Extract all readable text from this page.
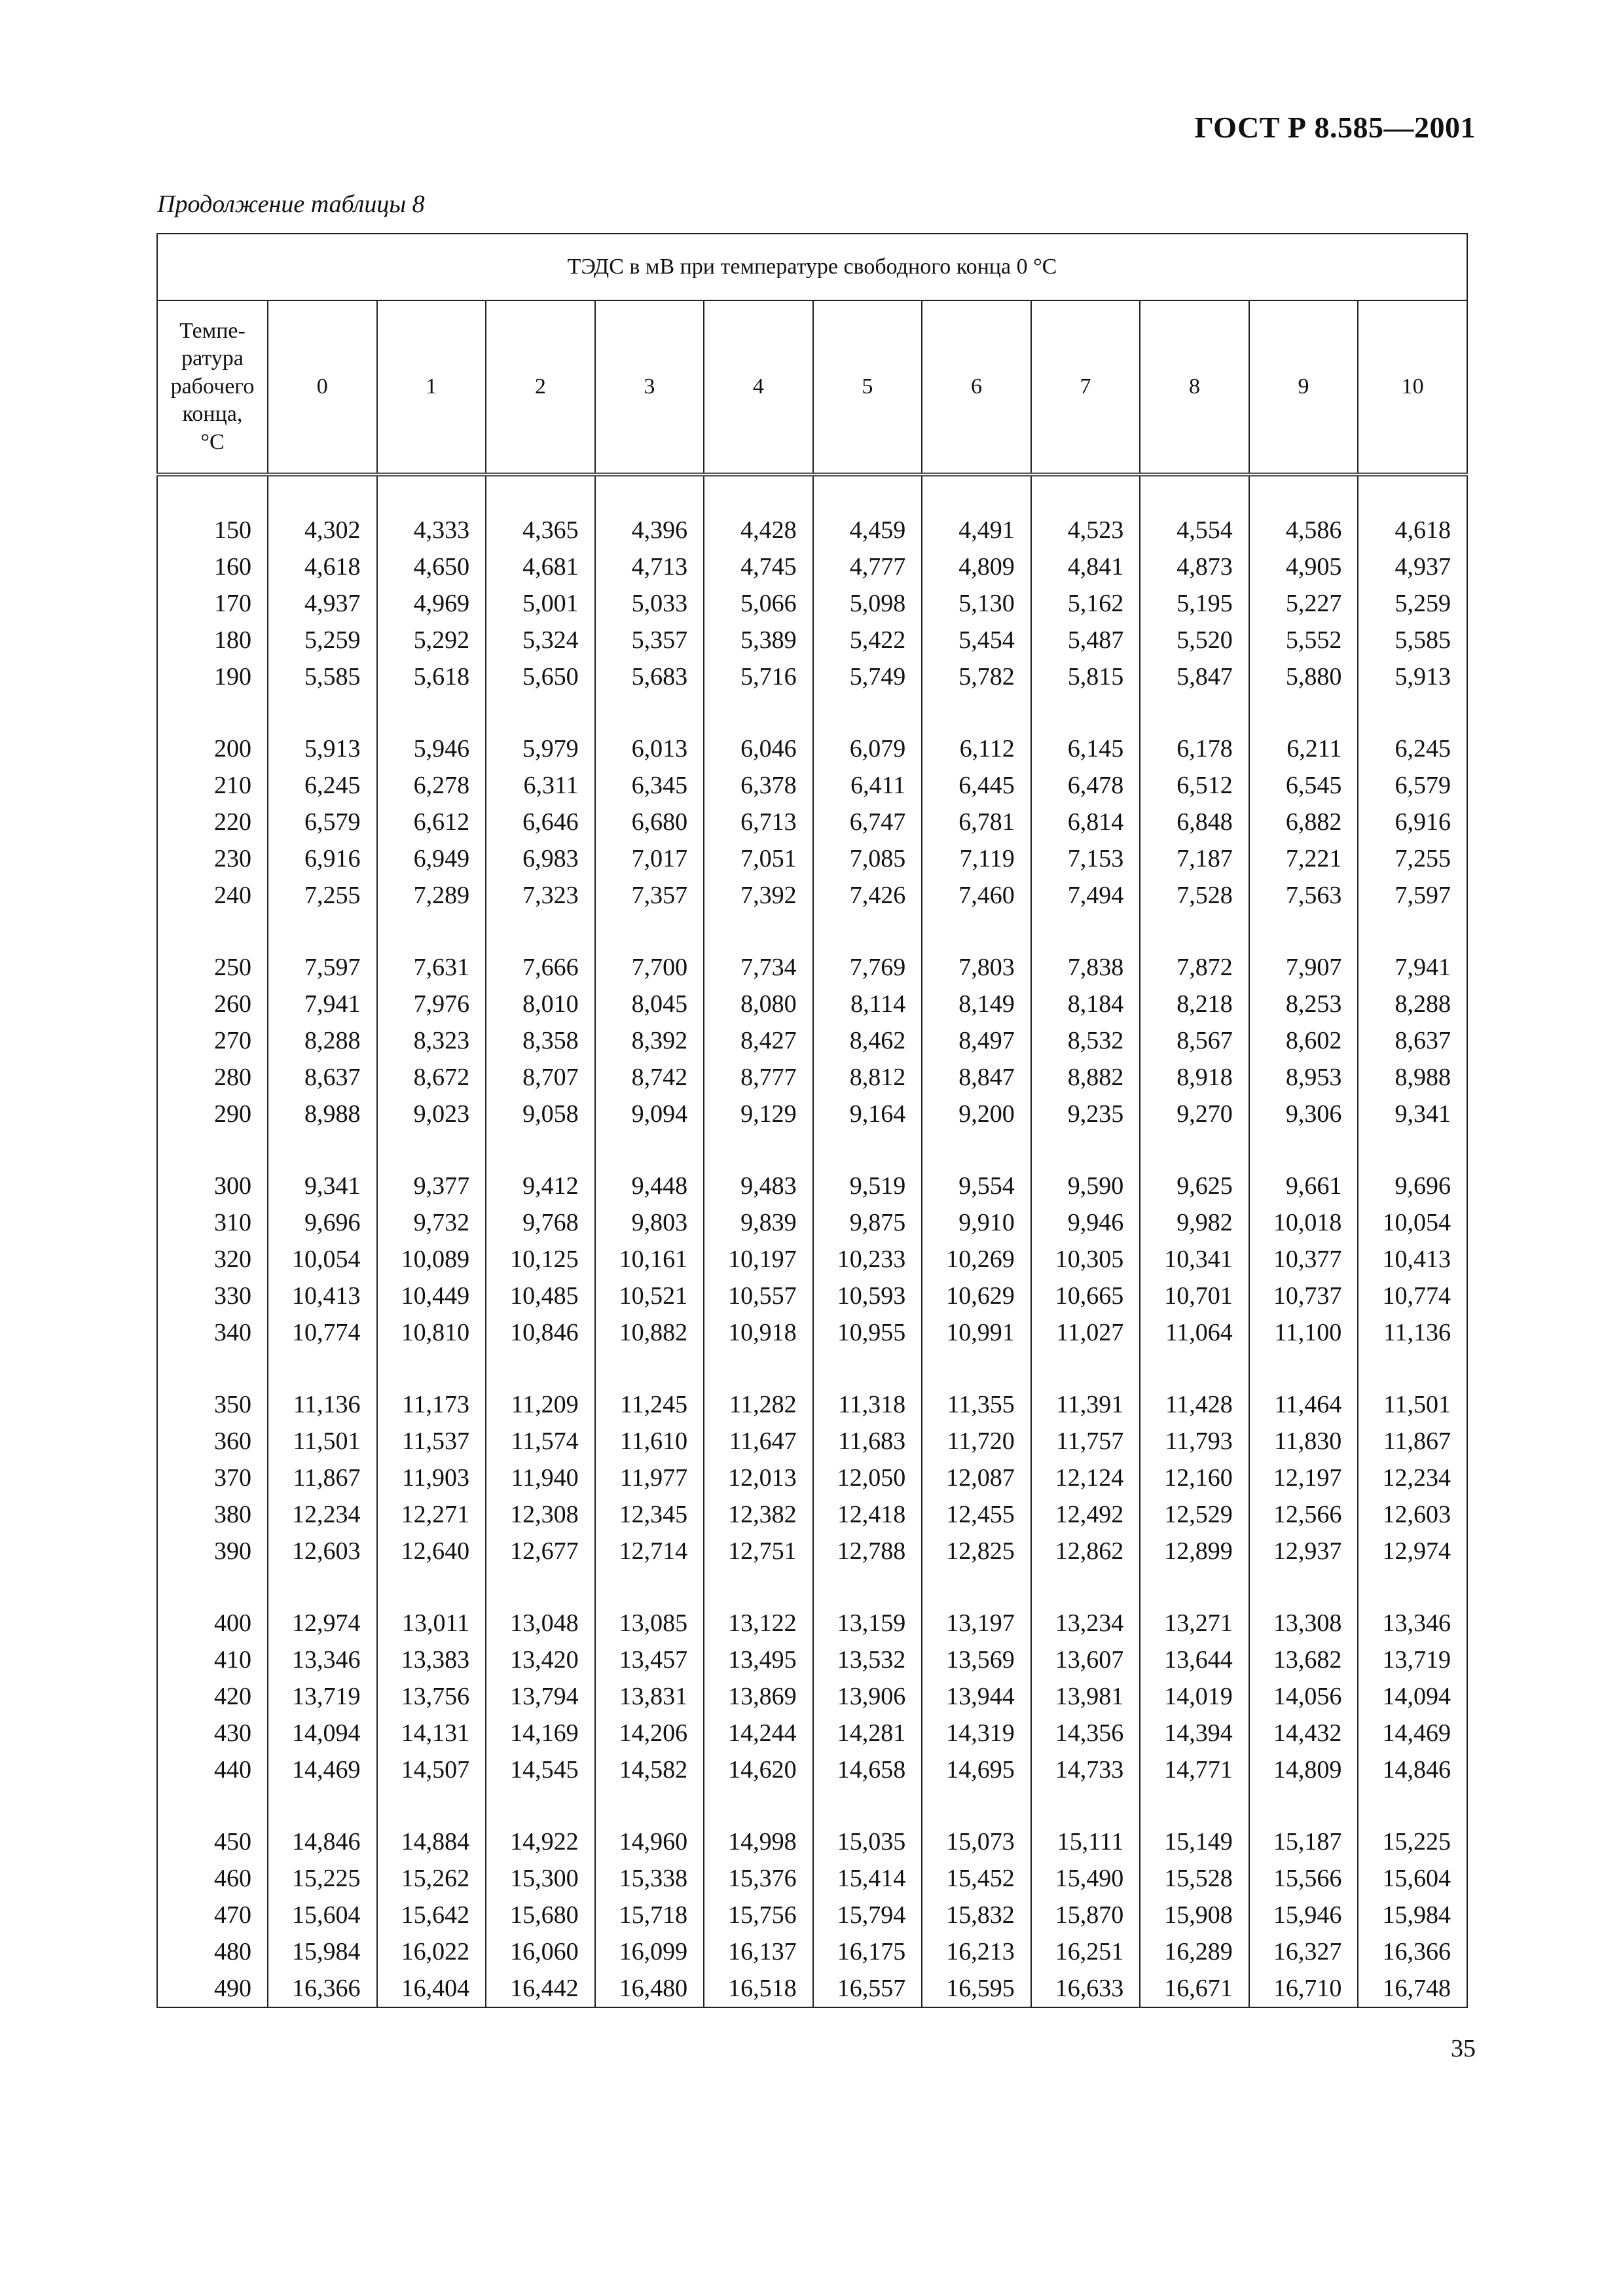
ГОСТ Р 8.585—2001
Продолжение таблицы 8
ТЭДС в мВ при температуре свободного конца 0 °С											
Темпе-
ратура
рабочего
конца,
°С	0	1	2	3	4	5	6	7	8	9	10

150	4,302	4,333	4,365	4,396	4,428	4,459	4,491	4,523	4,554	4,586	4,618
160	4,618	4,650	4,681	4,713	4,745	4,777	4,809	4,841	4,873	4,905	4,937
170	4,937	4,969	5,001	5,033	5,066	5,098	5,130	5,162	5,195	5,227	5,259
180	5,259	5,292	5,324	5,357	5,389	5,422	5,454	5,487	5,520	5,552	5,585
190	5,585	5,618	5,650	5,683	5,716	5,749	5,782	5,815	5,847	5,880	5,913

200	5,913	5,946	5,979	6,013	6,046	6,079	6,112	6,145	6,178	6,211	6,245
210	6,245	6,278	6,311	6,345	6,378	6,411	6,445	6,478	6,512	6,545	6,579
220	6,579	6,612	6,646	6,680	6,713	6,747	6,781	6,814	6,848	6,882	6,916
230	6,916	6,949	6,983	7,017	7,051	7,085	7,119	7,153	7,187	7,221	7,255
240	7,255	7,289	7,323	7,357	7,392	7,426	7,460	7,494	7,528	7,563	7,597

250	7,597	7,631	7,666	7,700	7,734	7,769	7,803	7,838	7,872	7,907	7,941
260	7,941	7,976	8,010	8,045	8,080	8,114	8,149	8,184	8,218	8,253	8,288
270	8,288	8,323	8,358	8,392	8,427	8,462	8,497	8,532	8,567	8,602	8,637
280	8,637	8,672	8,707	8,742	8,777	8,812	8,847	8,882	8,918	8,953	8,988
290	8,988	9,023	9,058	9,094	9,129	9,164	9,200	9,235	9,270	9,306	9,341

300	9,341	9,377	9,412	9,448	9,483	9,519	9,554	9,590	9,625	9,661	9,696
310	9,696	9,732	9,768	9,803	9,839	9,875	9,910	9,946	9,982	10,018	10,054
320	10,054	10,089	10,125	10,161	10,197	10,233	10,269	10,305	10,341	10,377	10,413
330	10,413	10,449	10,485	10,521	10,557	10,593	10,629	10,665	10,701	10,737	10,774
340	10,774	10,810	10,846	10,882	10,918	10,955	10,991	11,027	11,064	11,100	11,136

350	11,136	11,173	11,209	11,245	11,282	11,318	11,355	11,391	11,428	11,464	11,501
360	11,501	11,537	11,574	11,610	11,647	11,683	11,720	11,757	11,793	11,830	11,867
370	11,867	11,903	11,940	11,977	12,013	12,050	12,087	12,124	12,160	12,197	12,234
380	12,234	12,271	12,308	12,345	12,382	12,418	12,455	12,492	12,529	12,566	12,603
390	12,603	12,640	12,677	12,714	12,751	12,788	12,825	12,862	12,899	12,937	12,974

400	12,974	13,011	13,048	13,085	13,122	13,159	13,197	13,234	13,271	13,308	13,346
410	13,346	13,383	13,420	13,457	13,495	13,532	13,569	13,607	13,644	13,682	13,719
420	13,719	13,756	13,794	13,831	13,869	13,906	13,944	13,981	14,019	14,056	14,094
430	14,094	14,131	14,169	14,206	14,244	14,281	14,319	14,356	14,394	14,432	14,469
440	14,469	14,507	14,545	14,582	14,620	14,658	14,695	14,733	14,771	14,809	14,846

450	14,846	14,884	14,922	14,960	14,998	15,035	15,073	15,111	15,149	15,187	15,225
460	15,225	15,262	15,300	15,338	15,376	15,414	15,452	15,490	15,528	15,566	15,604
470	15,604	15,642	15,680	15,718	15,756	15,794	15,832	15,870	15,908	15,946	15,984
480	15,984	16,022	16,060	16,099	16,137	16,175	16,213	16,251	16,289	16,327	16,366
490	16,366	16,404	16,442	16,480	16,518	16,557	16,595	16,633	16,671	16,710	16,748
35
